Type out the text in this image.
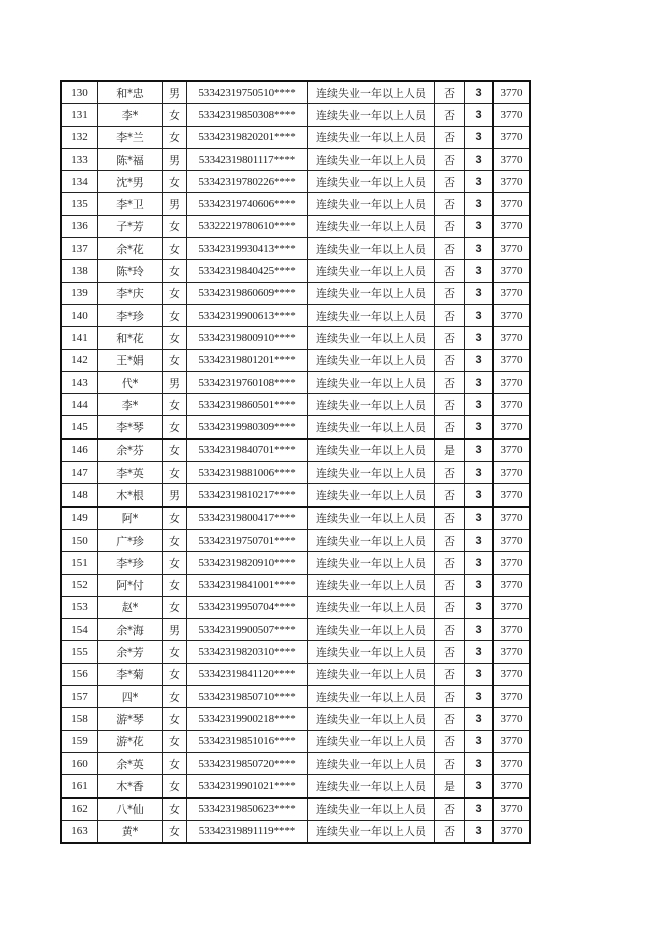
130	和*忠	男	53342319750510****	连续失业一年以上人员	否	3	3770
131	李*	女	53342319850308****	连续失业一年以上人员	否	3	3770
132	李*兰	女	53342319820201****	连续失业一年以上人员	否	3	3770
133	陈*福	男	53342319801117****	连续失业一年以上人员	否	3	3770
134	沈*男	女	53342319780226****	连续失业一年以上人员	否	3	3770
135	李*卫	男	53342319740606****	连续失业一年以上人员	否	3	3770
136	子*芳	女	53322219780610****	连续失业一年以上人员	否	3	3770
137	余*花	女	53342319930413****	连续失业一年以上人员	否	3	3770
138	陈*玲	女	53342319840425****	连续失业一年以上人员	否	3	3770
139	李*庆	女	53342319860609****	连续失业一年以上人员	否	3	3770
140	李*珍	女	53342319900613****	连续失业一年以上人员	否	3	3770
141	和*花	女	53342319800910****	连续失业一年以上人员	否	3	3770
142	王*娟	女	53342319801201****	连续失业一年以上人员	否	3	3770
143	代*	男	53342319760108****	连续失业一年以上人员	否	3	3770
144	李*	女	53342319860501****	连续失业一年以上人员	否	3	3770
145	李*琴	女	53342319980309****	连续失业一年以上人员	否	3	3770
146	余*芬	女	53342319840701****	连续失业一年以上人员	是	3	3770
147	李*英	女	53342319881006****	连续失业一年以上人员	否	3	3770
148	木*根	男	53342319810217****	连续失业一年以上人员	否	3	3770
149	阿*	女	53342319800417****	连续失业一年以上人员	否	3	3770
150	广*珍	女	53342319750701****	连续失业一年以上人员	否	3	3770
151	李*珍	女	53342319820910****	连续失业一年以上人员	否	3	3770
152	阿*付	女	53342319841001****	连续失业一年以上人员	否	3	3770
153	赵*	女	53342319950704****	连续失业一年以上人员	否	3	3770
154	余*海	男	53342319900507****	连续失业一年以上人员	否	3	3770
155	余*芳	女	53342319820310****	连续失业一年以上人员	否	3	3770
156	李*菊	女	53342319841120****	连续失业一年以上人员	否	3	3770
157	四*	女	53342319850710****	连续失业一年以上人员	否	3	3770
158	游*琴	女	53342319900218****	连续失业一年以上人员	否	3	3770
159	游*花	女	53342319851016****	连续失业一年以上人员	否	3	3770
160	余*英	女	53342319850720****	连续失业一年以上人员	否	3	3770
161	木*香	女	53342319901021****	连续失业一年以上人员	是	3	3770
162	八*仙	女	53342319850623****	连续失业一年以上人员	否	3	3770
163	黄*	女	53342319891119****	连续失业一年以上人员	否	3	3770
